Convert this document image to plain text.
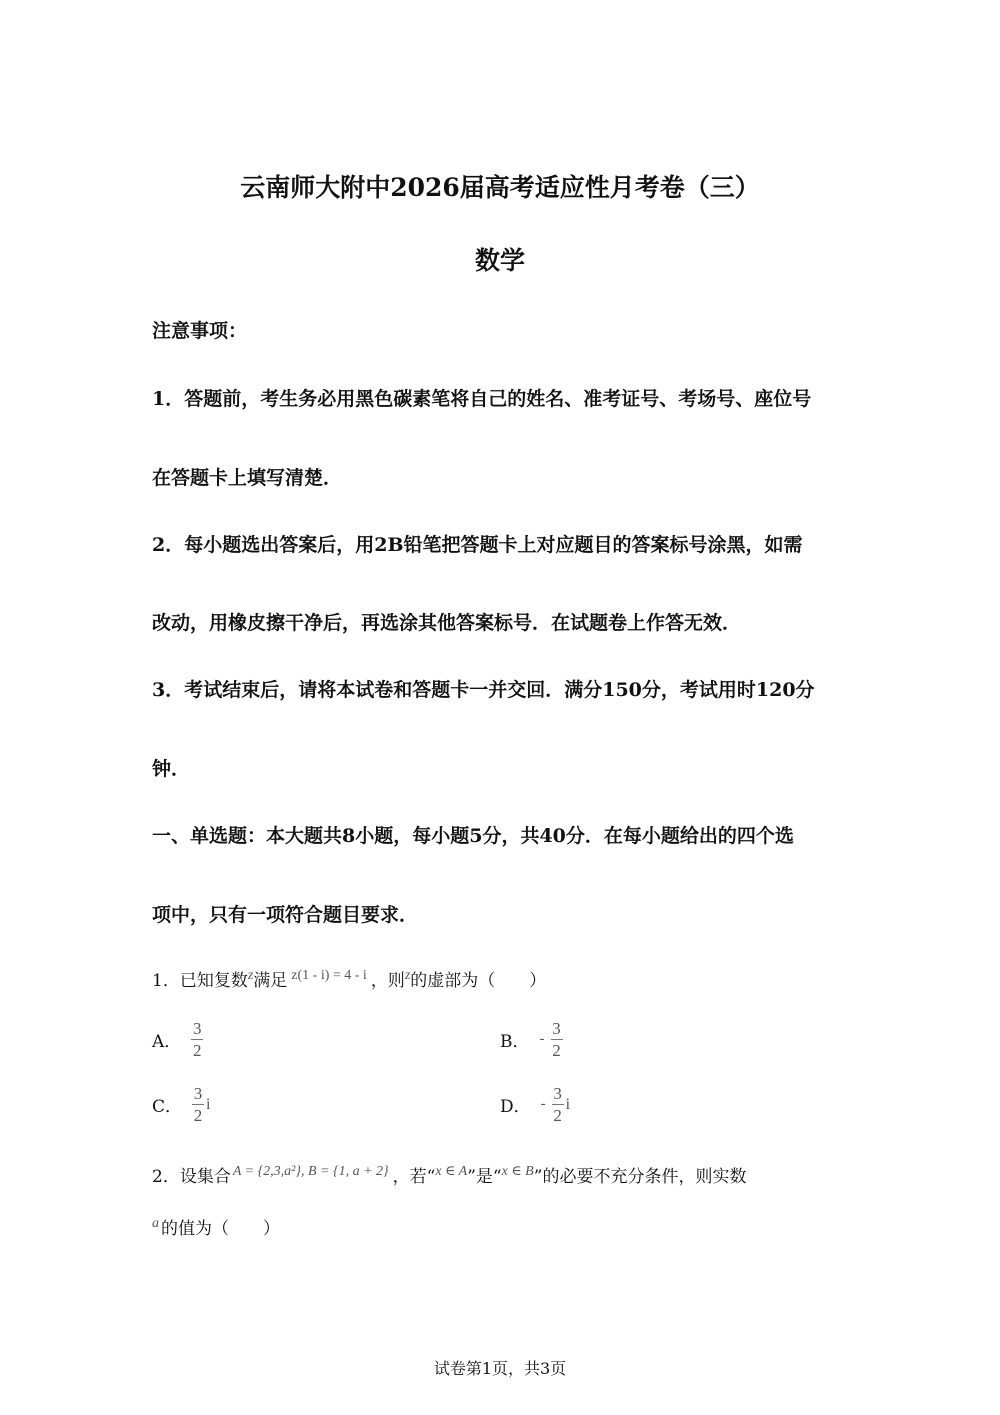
云南师大附中2026届高考适应性月考卷（三）
数学
注意事项：
1．答题前，考生务必用黑色碳素笔将自己的姓名、准考证号、考场号、座位号
在答题卡上填写清楚．
2．每小题选出答案后，用2B铅笔把答题卡上对应题目的答案标号涂黑，如需
改动，用橡皮擦干净后，再选涂其他答案标号．在试题卷上作答无效．
3．考试结束后，请将本试卷和答题卡一并交回．满分150分，考试用时120分
钟．
一、单选题：本大题共8小题，每小题5分，共40分．在每小题给出的四个选
项中，只有一项符合题目要求．
1．已知复数$^z$满足 $^{z(1 - i) = 4 - i}$ ，则$^z$的虚部为（　　）
A． $\frac{3}{2}$	B． - $\frac{3}{2}$
C． $\frac{3}{2}$ i	D． - $\frac{3}{2}$ i
2．设集合 $^{A = \{2,3,a^2\}, B = \{1, a + 2\}}$ ，若“$^{x \in A}$”是“$^{x \in B}$”的必要不充分条件，则实数
$^a$ 的值为（　　）
试卷第1页，共3页
